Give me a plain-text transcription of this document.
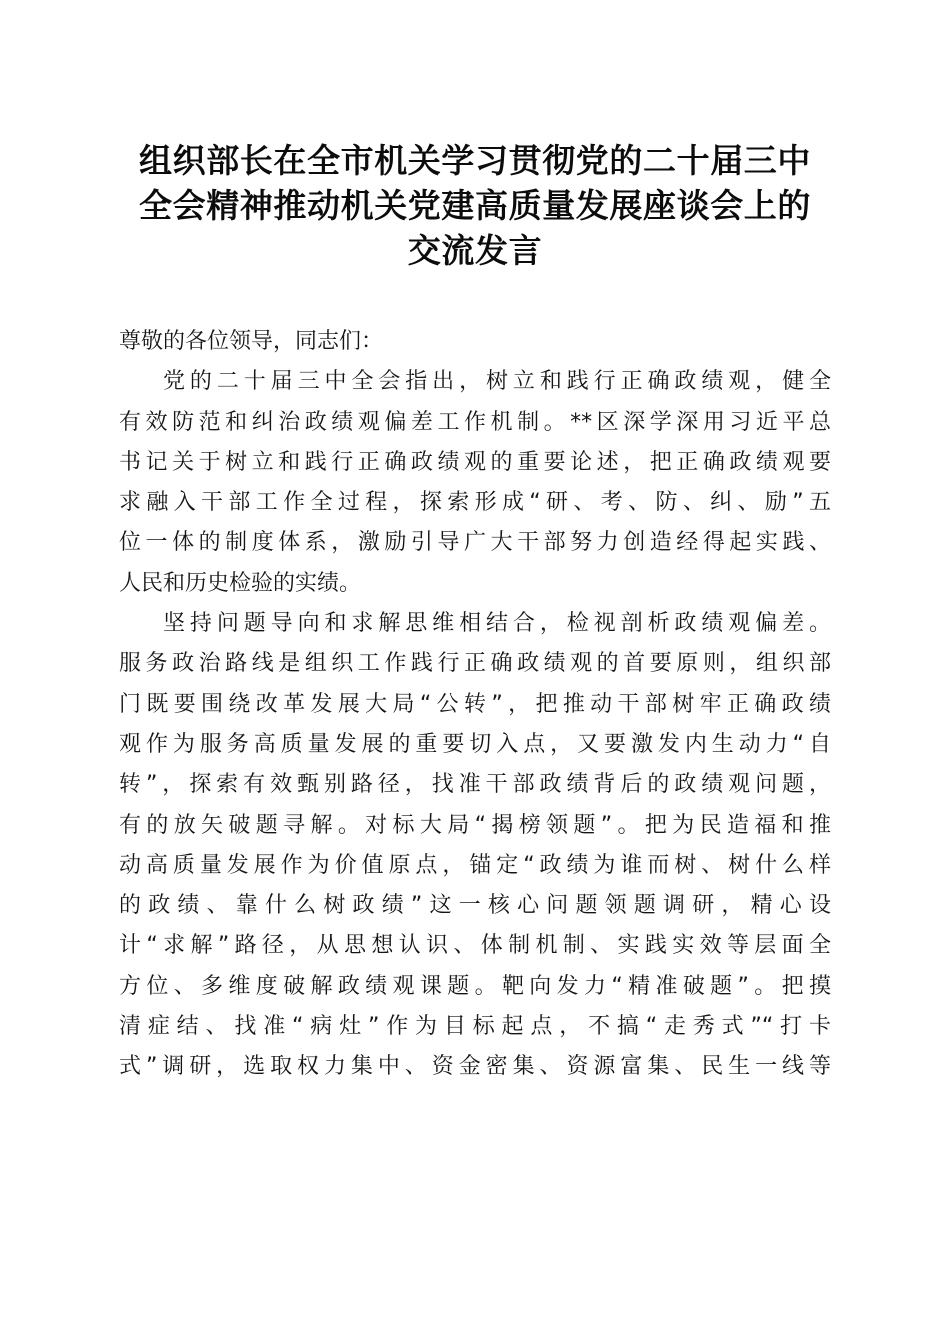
组织部长在全市机关学习贯彻党的二十届三中
全会精神推动机关党建高质量发展座谈会上的
交流发言

尊敬的各位领导，同志们：

党的二十届三中全会指出，树立和践行正确政绩观，健全

有效防范和纠治政绩观偏差工作机制。**区深学深用习近平总

书记关于树立和践行正确政绩观的重要论述，把正确政绩观要

求融入干部工作全过程，探索形成“研、考、防、纠、励”五

位一体的制度体系，激励引导广大干部努力创造经得起实践、

人民和历史检验的实绩。

坚持问题导向和求解思维相结合，检视剖析政绩观偏差。

服务政治路线是组织工作践行正确政绩观的首要原则，组织部

门既要围绕改革发展大局“公转”，把推动干部树牢正确政绩

观作为服务高质量发展的重要切入点，又要激发内生动力“自

转”，探索有效甄别路径，找准干部政绩背后的政绩观问题，

有的放矢破题寻解。对标大局“揭榜领题”。把为民造福和推

动高质量发展作为价值原点，锚定“政绩为谁而树、树什么样

的政绩、靠什么树政绩”这一核心问题领题调研，精心设

计“求解”路径，从思想认识、体制机制、实践实效等层面全

方位、多维度破解政绩观课题。靶向发力“精准破题”。把摸

清症结、找准“病灶”作为目标起点，不搞“走秀式”“打卡

式”调研，选取权力集中、资金密集、资源富集、民生一线等
